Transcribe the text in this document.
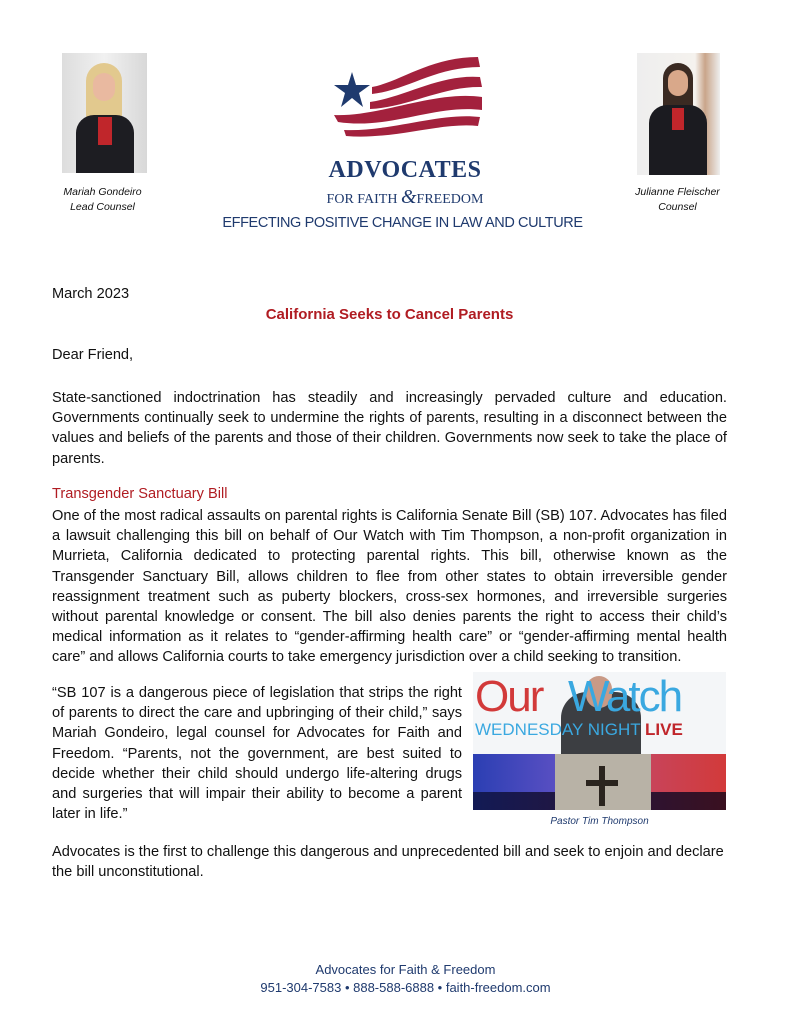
Mariah Gondeiro
Lead Counsel
Julianne Fleischer
Counsel
ADVOCATES
FOR FAITH &FREEDOM
EFFECTING POSITIVE CHANGE IN LAW AND CULTURE
March 2023
California Seeks to Cancel Parents
Dear Friend,
State-sanctioned indoctrination has steadily and increasingly pervaded culture and education. Governments continually seek to undermine the rights of parents, resulting in a disconnect between the values and beliefs of the parents and those of their children. Governments now seek to take the place of parents.
Transgender Sanctuary Bill
One of the most radical assaults on parental rights is California Senate Bill (SB) 107. Advocates has filed a lawsuit challenging this bill on behalf of Our Watch with Tim Thompson, a non-profit organization in Murrieta, California dedicated to protecting parental rights. This bill, otherwise known as the Transgender Sanctuary Bill, allows children to flee from other states to obtain irreversible gender reassignment treatment such as puberty blockers, cross-sex hormones, and irreversible surgeries without parental knowledge or consent. The bill also denies parents the right to access their child’s medical information as it relates to “gender-affirming health care” or “gender-affirming mental health care” and allows California courts to take emergency jurisdiction over a child seeking to transition.
“SB 107 is a dangerous piece of legislation that strips the right of parents to direct the care and upbringing of their child,” says Mariah Gondeiro, legal counsel for Advocates for Faith and Freedom. “Parents, not the government, are best suited to decide whether their child should undergo life-altering drugs and surgeries that will impair their ability to become a parent later in life.”
Our Watch
WEDNESDAY NIGHT LIVE
Pastor Tim Thompson
Advocates is the first to challenge this dangerous and unprecedented bill and seek to enjoin and declare the bill unconstitutional.
Advocates for Faith & Freedom
951-304-7583 • 888-588-6888 • faith-freedom.com
